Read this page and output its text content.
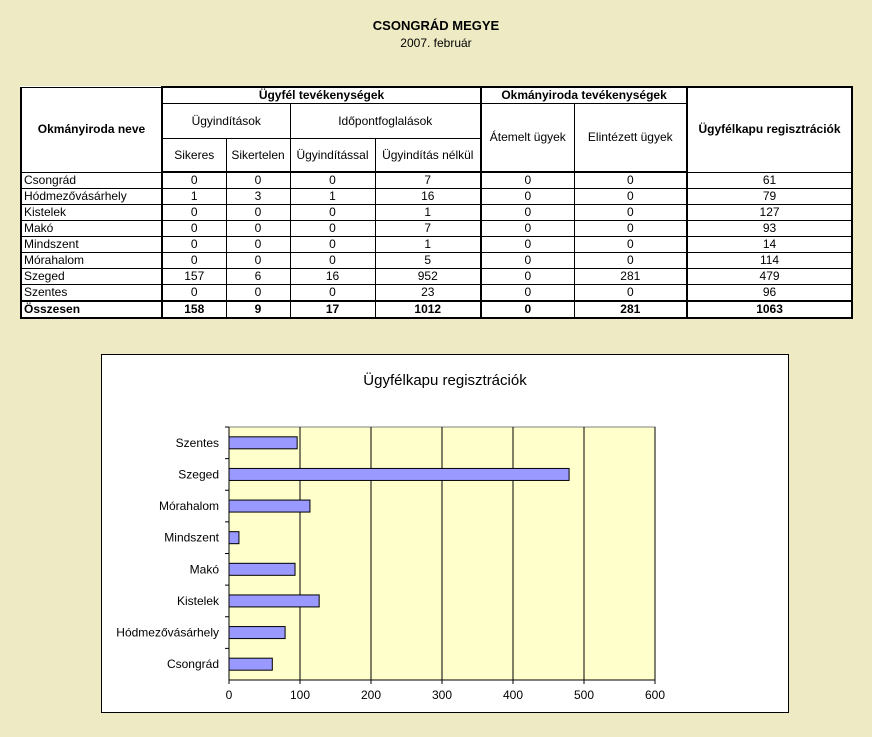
CSONGRÁD MEGYE
2007. február
Okmányiroda neve	Ügyfél tevékenységek				Okmányiroda tevékenységek		Ügyfélkapu regisztrációk
	Ügyindítások		Időpontfoglalások		Átemelt ügyek	Elintézett ügyek	
	Sikeres	Sikertelen	Ügyindítással	Ügyindítás nélkül			
Csongrád	0	0	0	7	0	0	61
Hódmezővásárhely	1	3	1	16	0	0	79
Kistelek	0	0	0	1	0	0	127
Makó	0	0	0	7	0	0	93
Mindszent	0	0	0	1	0	0	14
Mórahalom	0	0	0	5	0	0	114
Szeged	157	6	16	952	0	281	479
Szentes	0	0	0	23	0	0	96
Összesen	158	9	17	1012	0	281	1063
Ügyfélkapu regisztrációk
0	100	200	300	400	500	600
Szentes
Szeged
Mórahalom
Mindszent
Makó
Kistelek
Hódmezővásárhely
Csongrád
